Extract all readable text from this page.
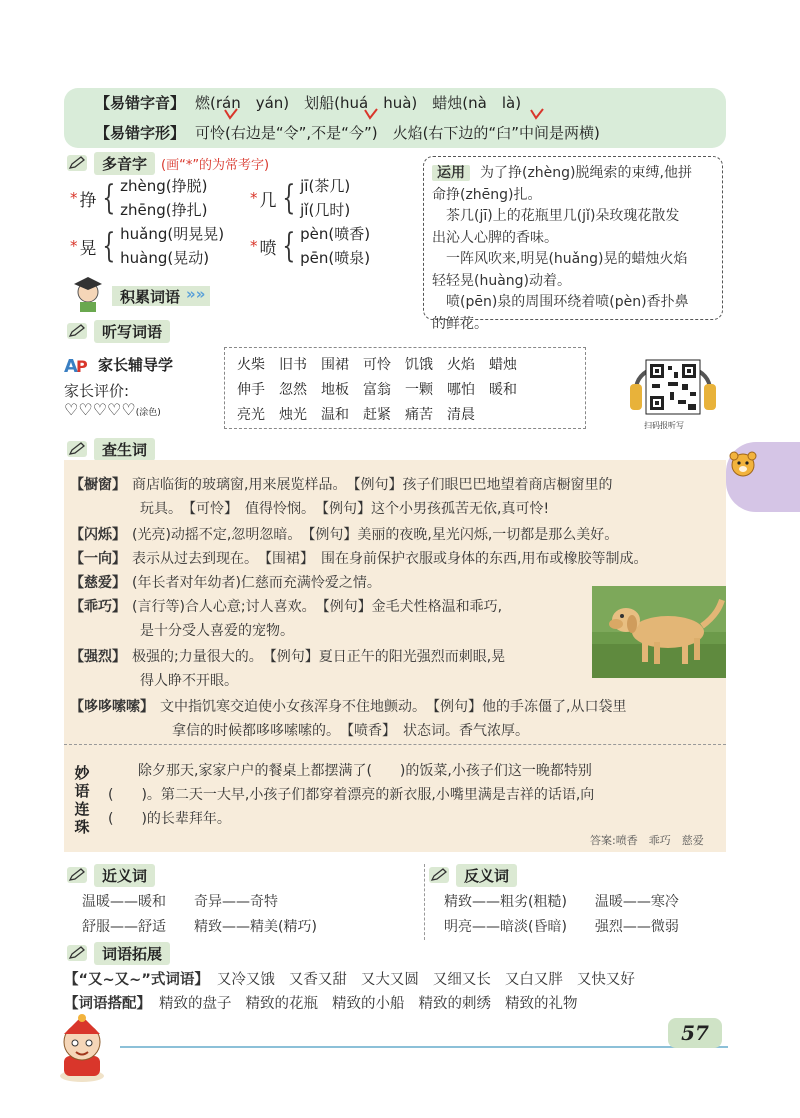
【易错字音】 燃(rán　yán)　划船(huá　huà)　蜡烛(nà　là)
【易错字形】 可怜(右边是“令”,不是“今”)　火焰(右下边的“臼”中间是两横)
多音字	(画“*”的为常考字)
* 挣 { zhèng(挣脱)
zhēng(挣扎)
* 几 { jī(茶几)
jǐ(几时)
* 晃 { huǎng(明晃晃)
huàng(晃动)
* 喷 { pèn(喷香)
pēn(喷泉)
运用 为了挣(zhèng)脱绳索的束缚,他拼
命挣(zhēng)扎。
　茶几(jī)上的花瓶里几(jǐ)朵玫瑰花散发
出沁人心脾的香味。
　一阵风吹来,明晃(huǎng)晃的蜡烛火焰
轻轻晃(huàng)动着。
　喷(pēn)泉的周围环绕着喷(pèn)香扑鼻
的鲜花。
积累词语 »»
听写词语
A
P 家长辅导学
家长评价:
♡♡♡♡♡(涂色)
火柴 旧书 围裙 可怜 饥饿 火焰 蜡烛
伸手 忽然 地板 富翁 一颗 哪怕 暖和
亮光 烛光 温和 赶紧 痛苦 清晨
扫码报听写
查生词
【橱窗】 商店临街的玻璃窗,用来展览样品。　【例句】孩子们眼巴巴地望着商店橱窗里的
玩具。　【可怜】　值得怜悯。　【例句】这个小男孩孤苦无依,真可怜!
【闪烁】 (光亮)动摇不定,忽明忽暗。　【例句】美丽的夜晚,星光闪烁,一切都是那么美好。
【一向】 表示从过去到现在。　【围裙】　围在身前保护衣服或身体的东西,用布或橡胶等制成。
【慈爱】 (年长者对年幼者)仁慈而充满怜爱之情。
【乖巧】 (言行等)合人心意;讨人喜欢。　【例句】金毛犬性格温和乖巧,
是十分受人喜爱的宠物。
【强烈】 极强的;力量很大的。　【例句】夏日正午的阳光强烈而刺眼,晃
得人睁不开眼。
【哆哆嗦嗦】 文中指饥寒交迫使小女孩浑身不住地颤动。　【例句】他的手冻僵了,从口袋里
拿信的时候都哆哆嗦嗦的。　【喷香】　状态词。香气浓厚。
除夕那天,家家户户的餐桌上都摆满了(　　)的饭菜,小孩子们这一晚都特别
(　　)。第二天一大早,小孩子们都穿着漂亮的新衣服,小嘴里满是吉祥的话语,向
(　　)的长辈拜年。
答案:喷香　乖巧　慈爱
妙
语
连
珠
近义词
温暖——暖和　　奇异——奇特
舒服——舒适　　精致——精美(精巧)
反义词
精致——粗劣(粗糙)　　温暖——寒冷
明亮——暗淡(昏暗)　　强烈——微弱
词语拓展
【“又~又~”式词语】 又冷又饿 又香又甜 又大又圆 又细又长 又白又胖 又快又好
【词语搭配】 精致的盘子 精致的花瓶 精致的小船 精致的刺绣 精致的礼物
57
